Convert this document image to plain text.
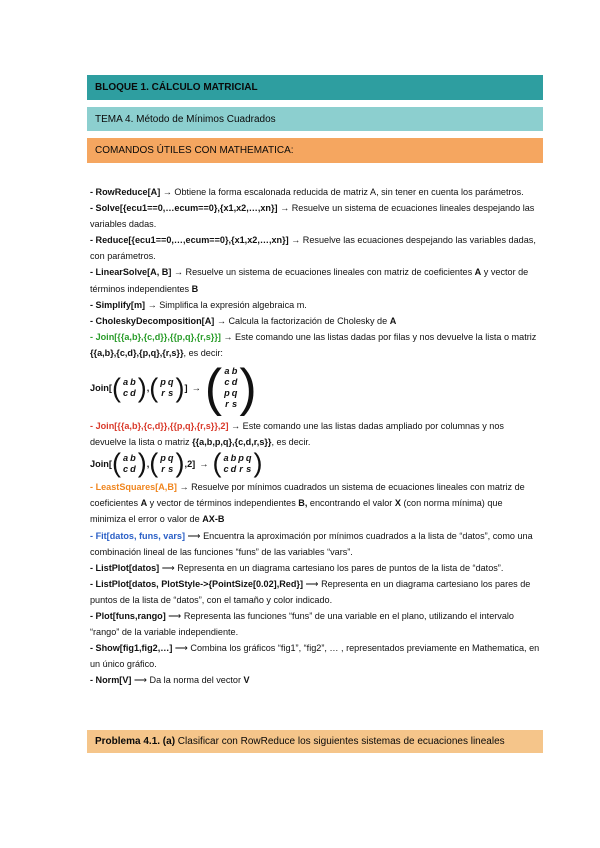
BLOQUE 1. CÁLCULO MATRICIAL
TEMA 4. Método de Mínimos Cuadrados
COMANDOS ÚTILES CON MATHEMATICA:

- RowReduce[A] → Obtiene la forma escalonada reducida de matriz A, sin tener en cuenta los parámetros.

- Solve[{ecu1==0,…ecum==0},{x1,x2,…,xn}] → Resuelve un sistema de ecuaciones lineales despejando las variables dadas.

- Reduce[{ecu1==0,…,ecum==0},{x1,x2,…,xn}] → Resuelve las ecuaciones despejando las variables dadas, con parámetros.

- LinearSolve[A, B] → Resuelve un sistema de ecuaciones lineales con matriz de coeficientes A y vector de términos independientes B

- Simplify[m] → Simplifica la expresión algebraica m.

- CholeskyDecomposition[A] → Calcula la factorización de Cholesky de A

- Join[{{a,b},{c,d}},{{p,q},{r,s}}] → Este comando une las listas dadas por filas y nos devuelve la lista o matriz {{a,b},{c,d},{p,q},{r,s}}, es decir:

Join[ ( a b
c d ) , ( p q
r s ) ] → ( a b
c d
p q
r s )

- Join[{{a,b},{c,d}},{{p,q},{r,s}},2] → Este comando une las listas dadas ampliado por columnas y nos devuelve la lista o matriz {{a,b,p,q},{c,d,r,s}}, es decir.

Join[ ( a b
c d ) , ( p q
r s ) ,2] → ( a b p q
c d r s )

- LeastSquares[A,B] → Resuelve por mínimos cuadrados un sistema de ecuaciones lineales con matriz de coeficientes A y vector de términos independientes B, encontrando el valor X (con norma mínima) que minimiza el error o valor de AX-B

- Fit[datos, funs, vars] ⟶ Encuentra la aproximación por mínimos cuadrados a la lista de “datos”, como una combinación lineal de las funciones “funs” de las variables “vars”.

- ListPlot[datos] ⟶ Representa en un diagrama cartesiano los pares de puntos de la lista de “datos”.

- ListPlot[datos, PlotStyle->{PointSize[0.02],Red}] ⟶ Representa en un diagrama cartesiano los pares de puntos de la lista de “datos”, con el tamaño y color indicado.

- Plot[funs,rango] ⟶ Representa las funciones “funs” de una variable en el plano, utilizando el intervalo “rango” de la variable independiente.

- Show[fig1,fig2,…] ⟶ Combina los gráficos “fig1”, “fig2”, … , representados previamente en Mathematica, en un único gráfico.

- Norm[V] ⟶ Da la norma del vector V

Problema 4.1. (a) Clasificar con RowReduce los siguientes sistemas de ecuaciones lineales
